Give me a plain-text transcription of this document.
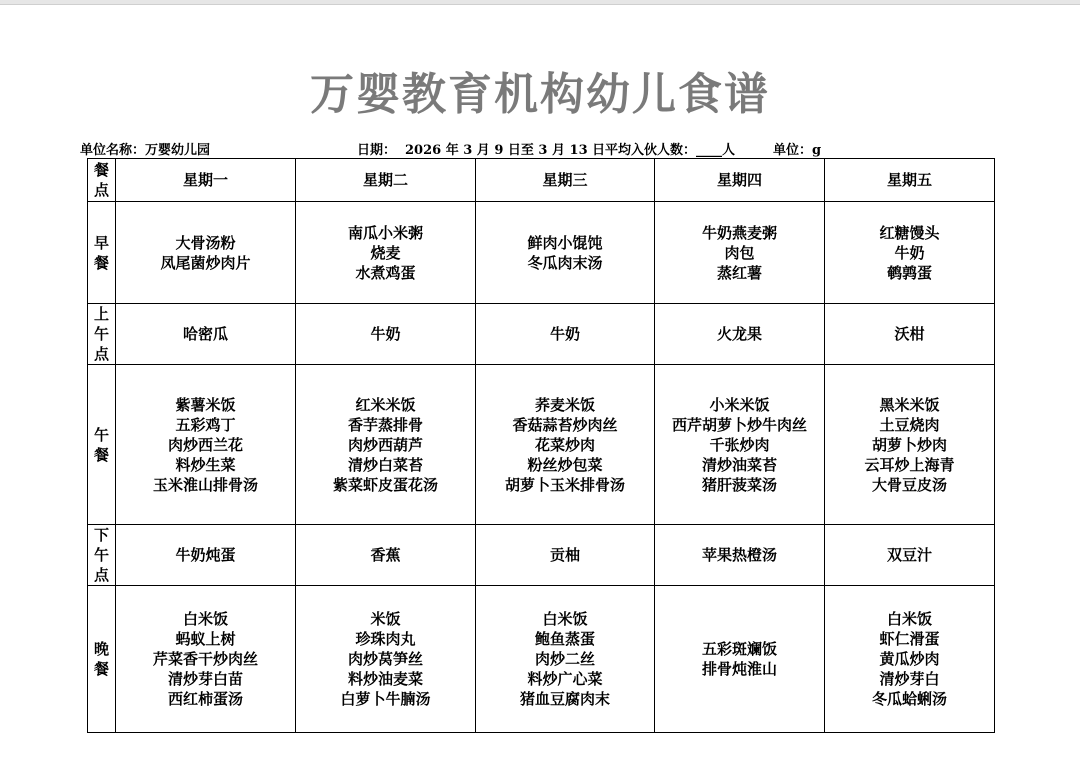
万婴教育机构幼儿食谱
单位名称：万婴幼儿园	日期： 2026 年 3 月 9 日至 3 月 13 日 平均入伙人数：____人	单位：g
餐
点	星期一	星期二	星期三	星期四	星期五

早
餐	大骨汤粉
凤尾菌炒肉片	南瓜小米粥
烧麦
水煮鸡蛋	鲜肉小馄饨
冬瓜肉末汤	牛奶燕麦粥
肉包
蒸红薯	红糖馒头
牛奶
鹌鹑蛋

上
午
点	哈密瓜	牛奶	牛奶	火龙果	沃柑

午
餐	紫薯米饭
五彩鸡丁
肉炒西兰花
料炒生菜
玉米淮山排骨汤	红米米饭
香芋蒸排骨
肉炒西葫芦
清炒白菜苔
紫菜虾皮蛋花汤	荞麦米饭
香菇蒜苔炒肉丝
花菜炒肉
粉丝炒包菜
胡萝卜玉米排骨汤	小米米饭
西芹胡萝卜炒牛肉丝
千张炒肉
清炒油菜苔
猪肝菠菜汤	黑米米饭
土豆烧肉
胡萝卜炒肉
云耳炒上海青
大骨豆皮汤

下
午
点	牛奶炖蛋	香蕉	贡柚	苹果热橙汤	双豆汁

晚
餐	白米饭
蚂蚁上树
芹菜香干炒肉丝
清炒芽白苗
西红柿蛋汤	米饭
珍珠肉丸
肉炒莴笋丝
料炒油麦菜
白萝卜牛腩汤	白米饭
鲍鱼蒸蛋
肉炒二丝
料炒广心菜
猪血豆腐肉末	五彩斑斓饭
排骨炖淮山	白米饭
虾仁滑蛋
黄瓜炒肉
清炒芽白
冬瓜蛤蜊汤
